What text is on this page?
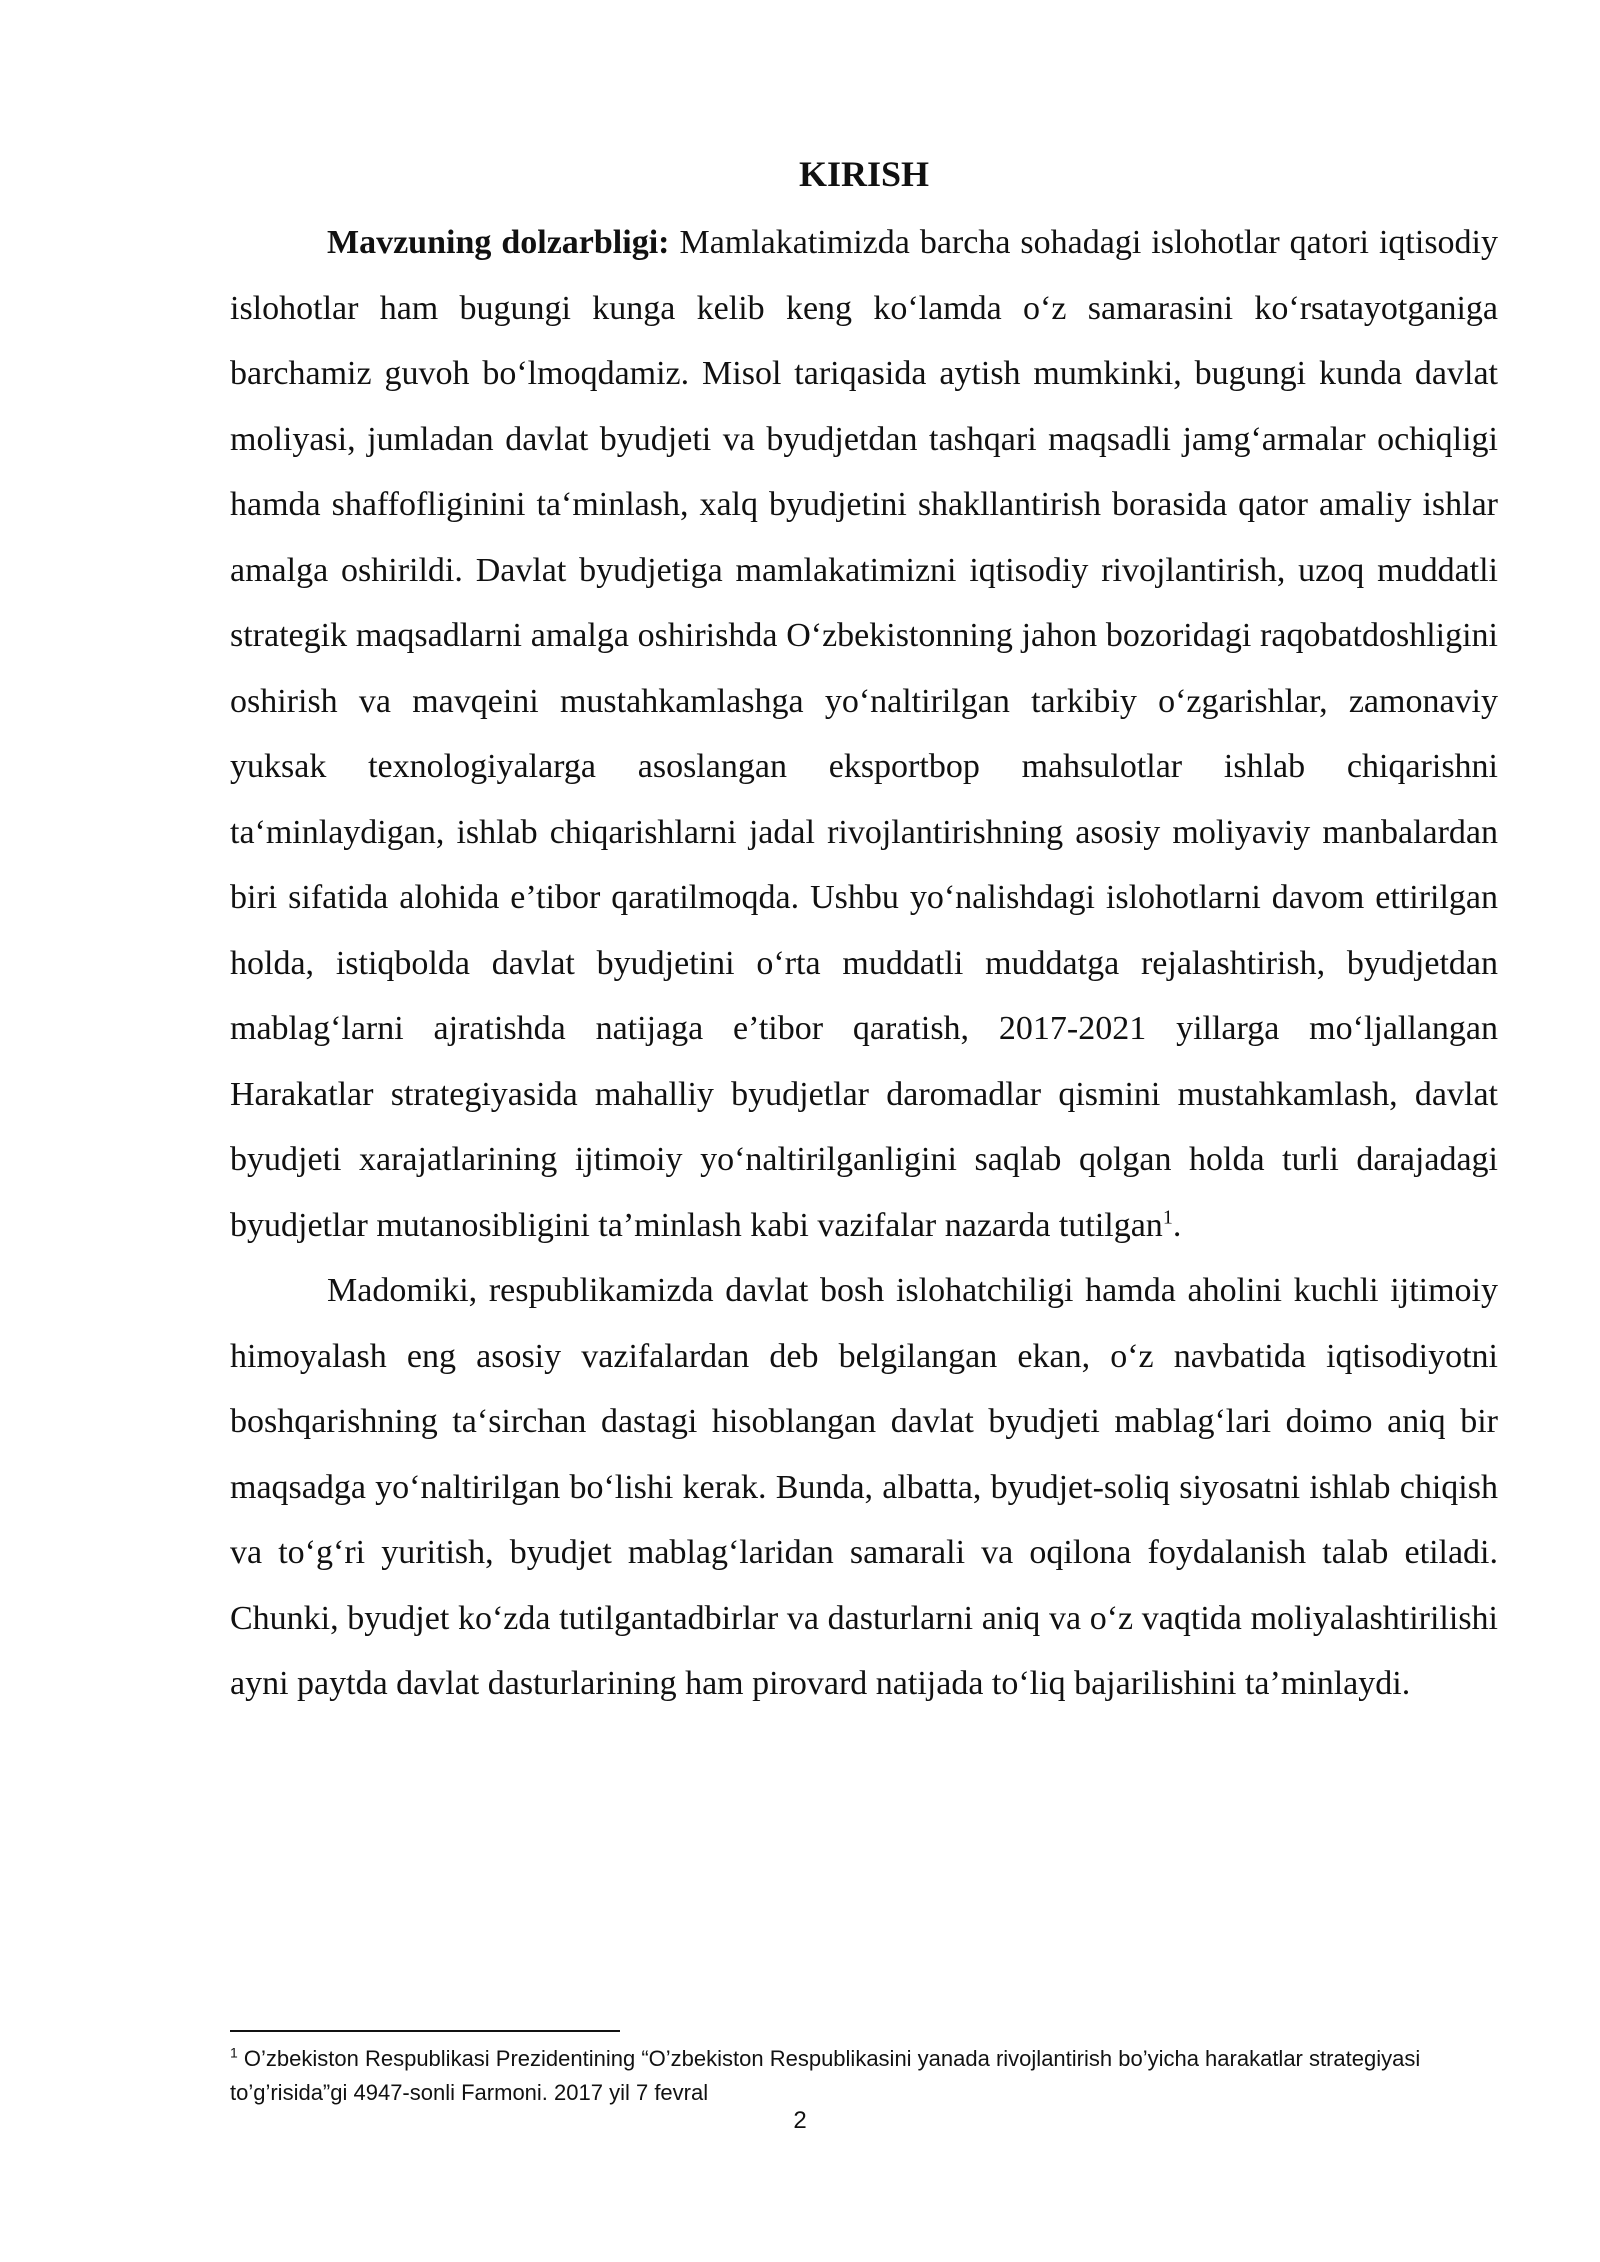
KIRISH

Mavzuning dolzarbligi: Mamlakatimizda barcha sohadagi islohotlar qatori iqtisodiy islohotlar ham bugungi kunga kelib keng ko‘lamda o‘z samarasini ko‘rsatayotganiga barchamiz guvoh bo‘lmoqdamiz. Misol tariqasida aytish mumkinki, bugungi kunda davlat moliyasi, jumladan davlat byudjeti va byudjetdan tashqari maqsadli jamg‘armalar ochiqligi hamda shaffofliginini ta‘minlash, xalq byudjetini shakllantirish borasida qator amaliy ishlar amalga oshirildi. Davlat byudjetiga mamlakatimizni iqtisodiy rivojlantirish, uzoq muddatli strategik maqsadlarni amalga oshirishda O‘zbekistonning jahon bozoridagi raqobatdoshligini oshirish va mavqeini mustahkamlashga yo‘naltirilgan tarkibiy o‘zgarishlar, zamonaviy yuksak texnologiyalarga asoslangan eksportbop mahsulotlar ishlab chiqarishni ta‘minlaydigan, ishlab chiqarishlarni jadal rivojlantirishning asosiy moliyaviy manbalardan biri sifatida alohida e’tibor qaratilmoqda. Ushbu yo‘nalishdagi islohotlarni davom ettirilgan holda, istiqbolda davlat byudjetini o‘rta muddatli muddatga rejalashtirish, byudjetdan mablag‘larni ajratishda natijaga e’tibor qaratish, 2017-2021 yillarga mo‘ljallangan Harakatlar strategiyasida mahalliy byudjetlar daromadlar qismini mustahkamlash, davlat byudjeti xarajatlarining ijtimoiy yo‘naltirilganligini saqlab qolgan holda turli darajadagi byudjetlar mutanosibligini ta’minlash kabi vazifalar nazarda tutilgan$^1$.

Madomiki, respublikamizda davlat bosh islohatchiligi hamda aholini kuchli ijtimoiy himoyalash eng asosiy vazifalardan deb belgilangan ekan, o‘z navbatida iqtisodiyotni boshqarishning ta‘sirchan dastagi hisoblangan davlat byudjeti mablag‘lari doimo aniq bir maqsadga yo‘naltirilgan bo‘lishi kerak. Bunda, albatta, byudjet-soliq siyosatni ishlab chiqish va to‘g‘ri yuritish, byudjet mablag‘laridan samarali va oqilona foydalanish talab etiladi. Chunki, byudjet ko‘zda tutilgantadbirlar va dasturlarni aniq va o‘z vaqtida moliyalashtirilishi ayni paytda davlat dasturlarining ham pirovard natijada to‘liq bajarilishini ta’minlaydi.

$^1$ O’zbekiston Respublikasi Prezidentining “O’zbekiston Respublikasini yanada rivojlantirish bo’yicha harakatlar strategiyasi to’g’risida”gi 4947-sonli Farmoni. 2017 yil 7 fevral

2
